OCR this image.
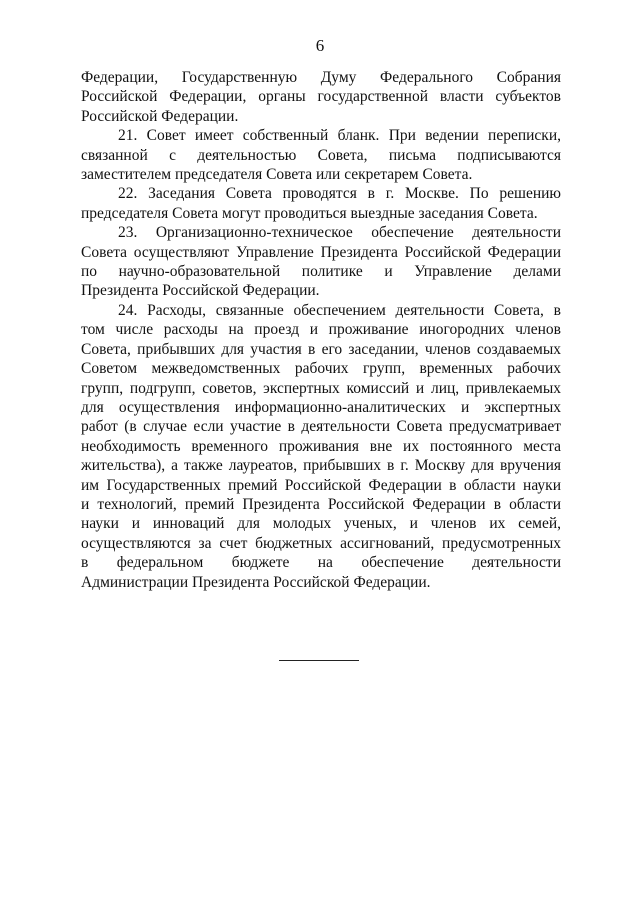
6
Федерации, Государственную Думу Федерального Собрания
Российской Федерации, органы государственной власти субъектов
Российской Федерации.
21. Совет имеет собственный бланк. При ведении переписки,
связанной с деятельностью Совета, письма подписываются
заместителем председателя Совета или секретарем Совета.
22. Заседания Совета проводятся в г. Москве. По решению
председателя Совета могут проводиться выездные заседания Совета.
23. Организационно-техническое обеспечение деятельности
Совета осуществляют Управление Президента Российской Федерации
по научно-образовательной политике и Управление делами
Президента Российской Федерации.
24. Расходы, связанные обеспечением деятельности Совета, в
том числе расходы на проезд и проживание иногородних членов
Совета, прибывших для участия в его заседании, членов создаваемых
Советом межведомственных рабочих групп, временных рабочих
групп, подгрупп, советов, экспертных комиссий и лиц, привлекаемых
для осуществления информационно-аналитических и экспертных
работ (в случае если участие в деятельности Совета предусматривает
необходимость временного проживания вне их постоянного места
жительства), а также лауреатов, прибывших в г. Москву для вручения
им Государственных премий Российской Федерации в области науки
и технологий, премий Президента Российской Федерации в области
науки и инноваций для молодых ученых, и членов их семей,
осуществляются за счет бюджетных ассигнований, предусмотренных
в федеральном бюджете на обеспечение деятельности
Администрации Президента Российской Федерации.
